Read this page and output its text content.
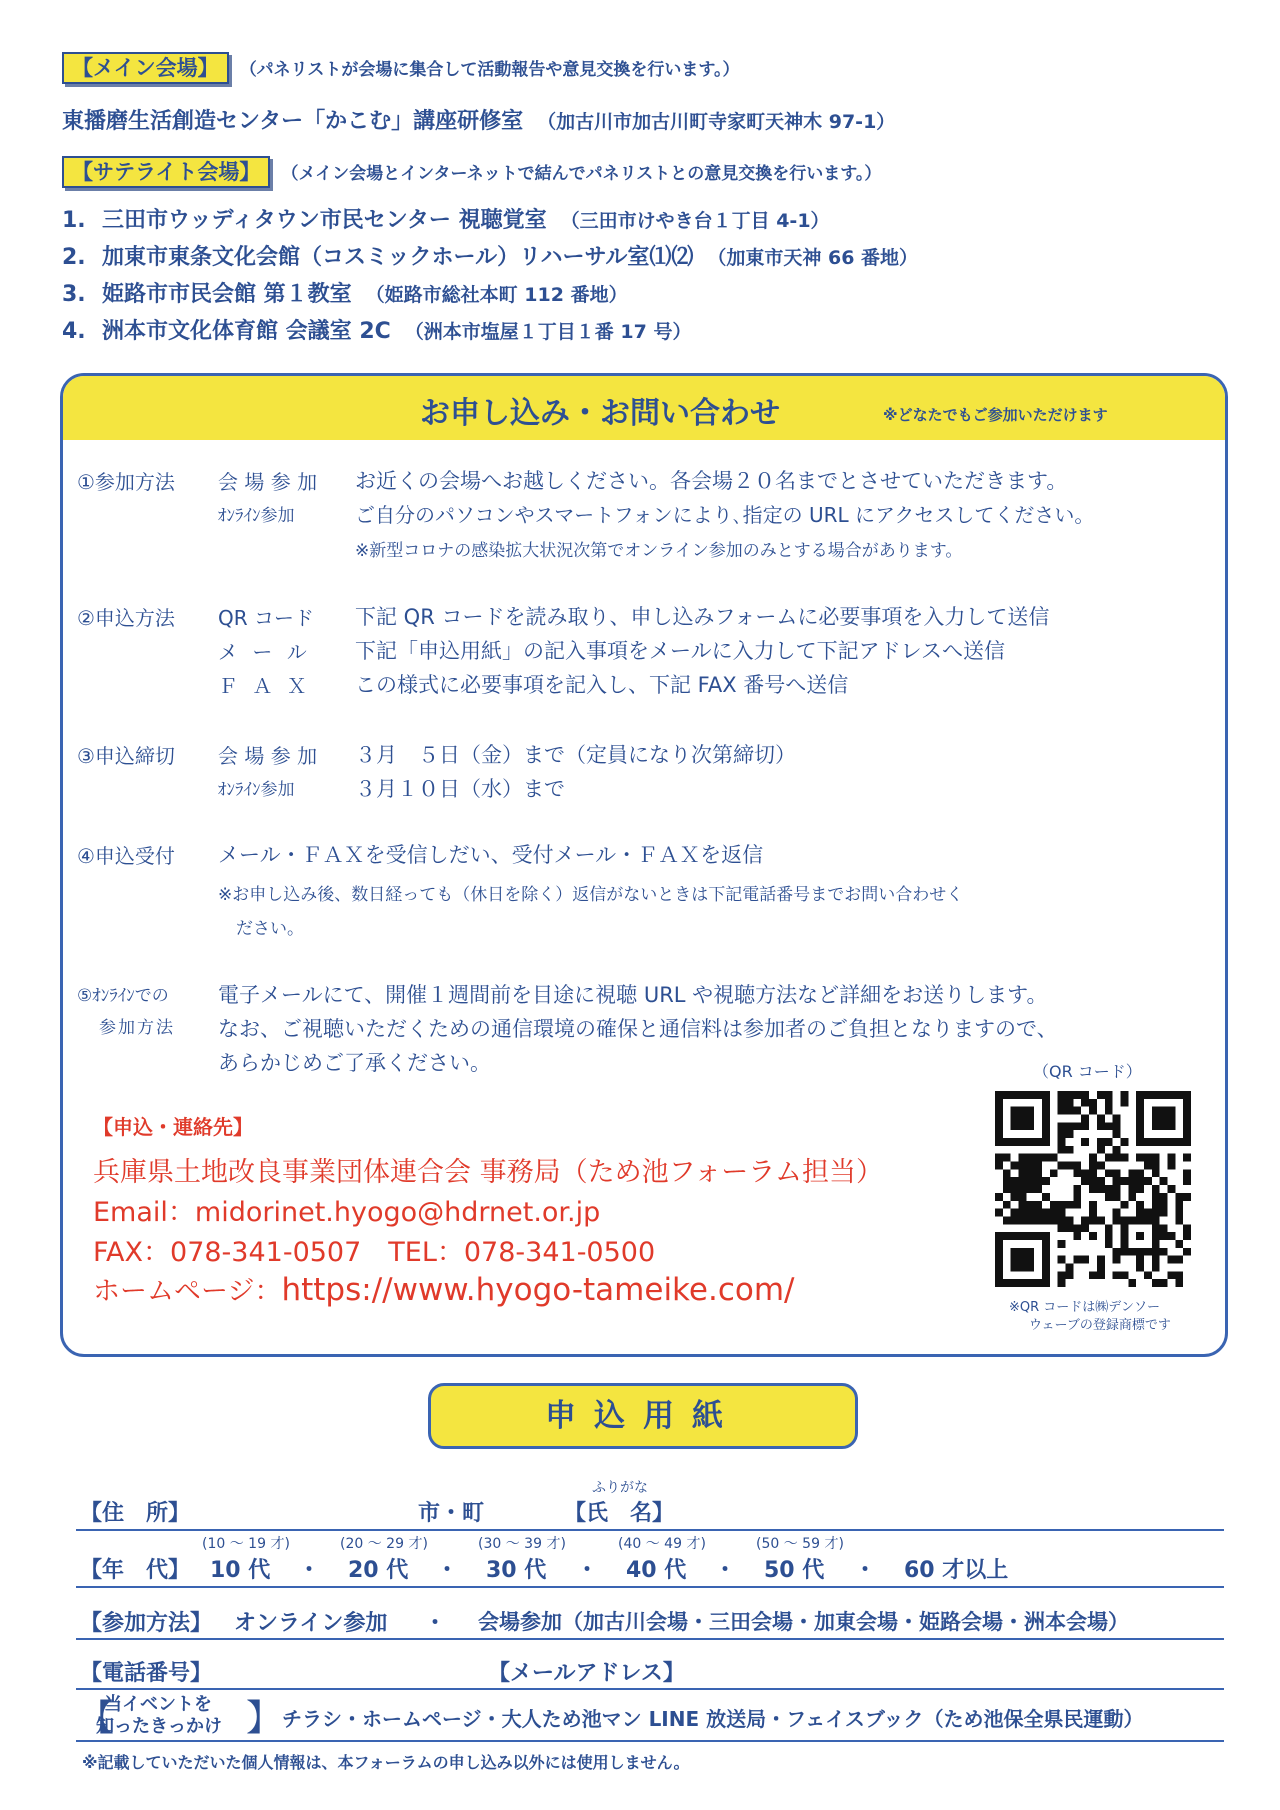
【メイン会場】 （パネリストが会場に集合して活動報告や意見交換を行います。）
東播磨生活創造センター「かこむ」講座研修室 （加古川市加古川町寺家町天神木 97-1）
【サテライト会場】 （メイン会場とインターネットで結んでパネリストとの意見交換を行います。）
1. 三田市ウッディタウン市民センター 視聴覚室 （三田市けやき台１丁目 4-1）
2. 加東市東条文化会館（コスミックホール）リハーサル室⑴⑵ （加東市天神 66 番地）
3. 姫路市市民会館 第１教室 （姫路市総社本町 112 番地）
4. 洲本市文化体育館 会議室 2C （洲本市塩屋１丁目１番 17 号）
お申し込み・お問い合わせ	※どなたでもご参加いただけます
①参加方法 会 場 参 加 お近くの会場へお越しください。各会場２０名までとさせていただきます。
ｵﾝﾗｲﾝ参加	ご自分のパソコンやスマートフォンにより､指定の URL にアクセスしてください。
※新型コロナの感染拡大状況次第でオンライン参加のみとする場合があります。
②申込方法 QR コード 下記 QR コードを読み取り、申し込みフォームに必要事項を入力して送信
メ ー ル 下記「申込用紙」の記入事項をメールに入力して下記アドレスへ送信
Ｆ Ａ Ｘ この様式に必要事項を記入し、下記 FAX 番号へ送信
③申込締切 会 場 参 加 ３月　５日（金）まで（定員になり次第締切）
ｵﾝﾗｲﾝ参加	３月１０日（水）まで
④申込受付 メール・ＦＡＸを受信しだい、受付メール・ＦＡＸを返信
※お申し込み後、数日経っても（休日を除く）返信がないときは下記電話番号までお問い合わせく
ださい。
⑤ｵﾝﾗｲﾝでの
参加方法
電子メールにて、開催１週間前を目途に視聴 URL や視聴方法など詳細をお送りします。
なお、ご視聴いただくための通信環境の確保と通信料は参加者のご負担となりますので、
あらかじめご了承ください。
【申込・連絡先】
兵庫県土地改良事業団体連合会 事務局（ため池フォーラム担当）
Email：midorinet.hyogo@hdrnet.or.jp
FAX：078-341-0507　TEL：078-341-0500
ホームページ：https://www.hyogo-tameike.com/
（QR コード）
※QR コードは㈱デンソー
ウェーブの登録商標です
申込用紙
【住　所】	市・町
ふりがな
【氏　名】
【年　代】
(10 ～ 19 才)
10 代 ・
(20 ～ 29 才)
20 代 ・
(30 ～ 39 才)
30 代 ・
(40 ～ 49 才)
40 代 ・
(50 ～ 59 才)
50 代 ・ 60 才以上
【参加方法】 オンライン参加 ・ 会場参加（加古川会場・三田会場・加東会場・姫路会場・洲本会場）
【電話番号】	【メールアドレス】
当イベントを
知ったきっかけ
【	】 チラシ・ホームページ・大人ため池マン LINE 放送局・フェイスブック（ため池保全県民運動）
※記載していただいた個人情報は、本フォーラムの申し込み以外には使用しません。
